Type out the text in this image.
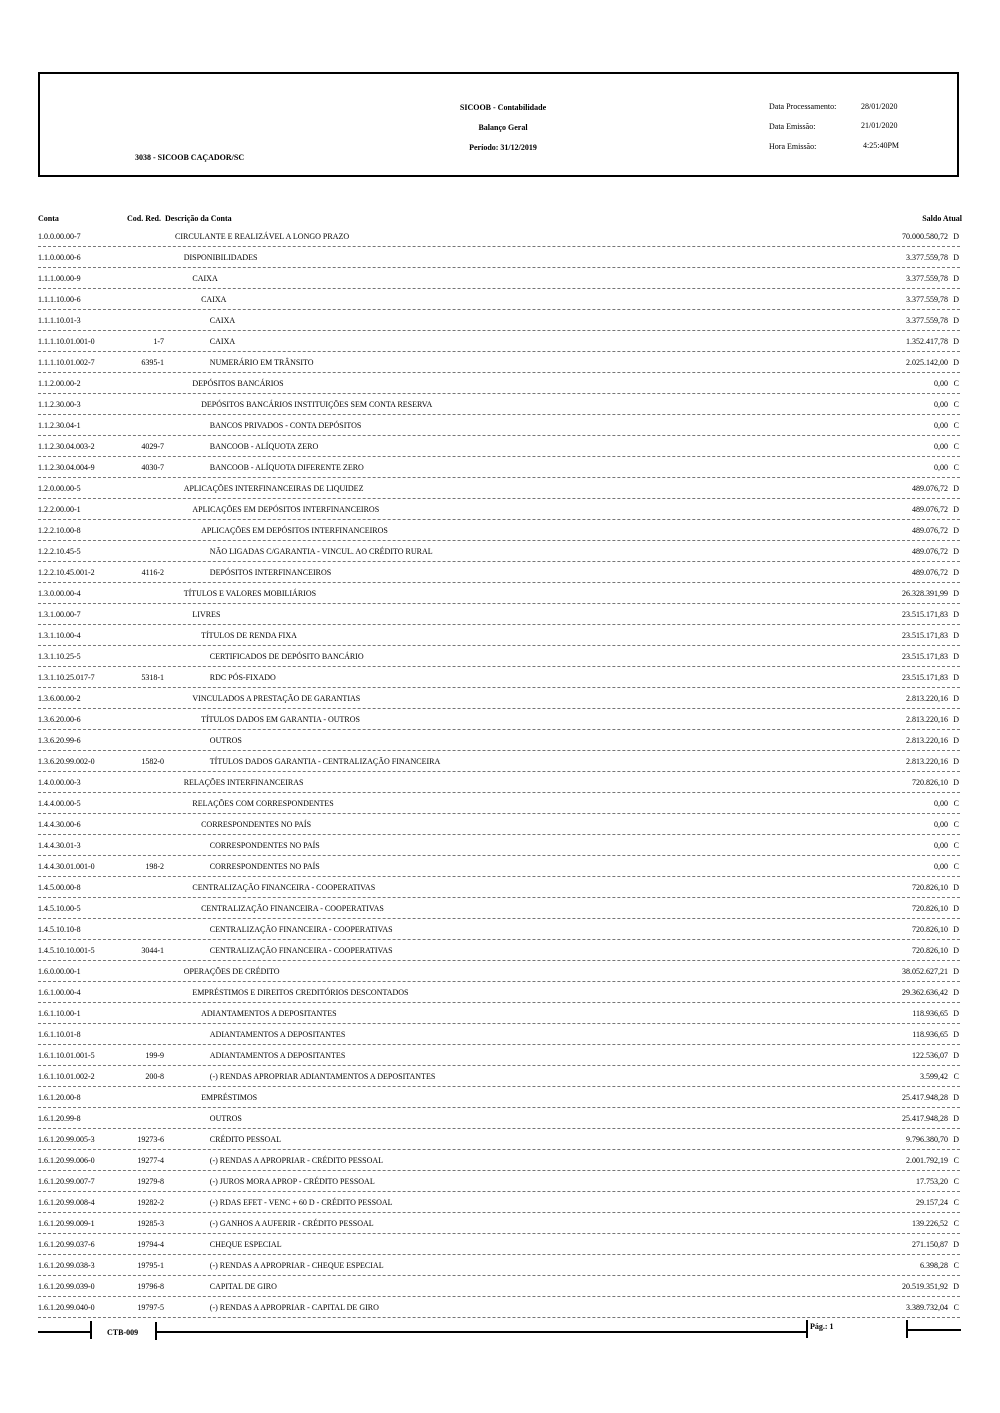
SICOOB - Contabilidade
Balanço Geral
Período: 31/12/2019
3038 - SICOOB CAÇADOR/SC
Data Processamento:	28/01/2020
Data Emissão:	21/01/2020
Hora Emissão:	4:25:40PM
Conta	Cod. Red. Descrição da Conta	Saldo Atual
1.0.0.00.00-7	CIRCULANTE E REALIZÁVEL A LONGO PRAZO	70.000.580,72 D
1.1.0.00.00-6	DISPONIBILIDADES	3.377.559,78 D
1.1.1.00.00-9	CAIXA	3.377.559,78 D
1.1.1.10.00-6	CAIXA	3.377.559,78 D
1.1.1.10.01-3	CAIXA	3.377.559,78 D
1.1.1.10.01.001-0	1-7	CAIXA	1.352.417,78 D
1.1.1.10.01.002-7	6395-1	NUMERÁRIO EM TRÂNSITO	2.025.142,00 D
1.1.2.00.00-2	DEPÓSITOS BANCÁRIOS	0,00 C
1.1.2.30.00-3	DEPÓSITOS BANCÁRIOS INSTITUIÇÕES SEM CONTA RESERVA	0,00 C
1.1.2.30.04-1	BANCOS PRIVADOS - CONTA DEPÓSITOS	0,00 C
1.1.2.30.04.003-2	4029-7	BANCOOB - ALÍQUOTA ZERO	0,00 C
1.1.2.30.04.004-9	4030-7	BANCOOB - ALÍQUOTA DIFERENTE ZERO	0,00 C
1.2.0.00.00-5	APLICAÇÕES INTERFINANCEIRAS DE LIQUIDEZ	489.076,72 D
1.2.2.00.00-1	APLICAÇÕES EM DEPÓSITOS INTERFINANCEIROS	489.076,72 D
1.2.2.10.00-8	APLICAÇÕES EM DEPÓSITOS INTERFINANCEIROS	489.076,72 D
1.2.2.10.45-5	NÃO LIGADAS C/GARANTIA - VINCUL. AO CRÉDITO RURAL	489.076,72 D
1.2.2.10.45.001-2	4116-2	DEPÓSITOS INTERFINANCEIROS	489.076,72 D
1.3.0.00.00-4	TÍTULOS E VALORES MOBILIÁRIOS	26.328.391,99 D
1.3.1.00.00-7	LIVRES	23.515.171,83 D
1.3.1.10.00-4	TÍTULOS DE RENDA FIXA	23.515.171,83 D
1.3.1.10.25-5	CERTIFICADOS DE DEPÓSITO BANCÁRIO	23.515.171,83 D
1.3.1.10.25.017-7	5318-1	RDC PÓS-FIXADO	23.515.171,83 D
1.3.6.00.00-2	VINCULADOS A PRESTAÇÃO DE GARANTIAS	2.813.220,16 D
1.3.6.20.00-6	TÍTULOS DADOS EM GARANTIA - OUTROS	2.813.220,16 D
1.3.6.20.99-6	OUTROS	2.813.220,16 D
1.3.6.20.99.002-0	1582-0	TÍTULOS DADOS GARANTIA - CENTRALIZAÇÃO FINANCEIRA	2.813.220,16 D
1.4.0.00.00-3	RELAÇÕES INTERFINANCEIRAS	720.826,10 D
1.4.4.00.00-5	RELAÇÕES COM CORRESPONDENTES	0,00 C
1.4.4.30.00-6	CORRESPONDENTES NO PAÍS	0,00 C
1.4.4.30.01-3	CORRESPONDENTES NO PAÍS	0,00 C
1.4.4.30.01.001-0	198-2	CORRESPONDENTES NO PAÍS	0,00 C
1.4.5.00.00-8	CENTRALIZAÇÃO FINANCEIRA - COOPERATIVAS	720.826,10 D
1.4.5.10.00-5	CENTRALIZAÇÃO FINANCEIRA - COOPERATIVAS	720.826,10 D
1.4.5.10.10-8	CENTRALIZAÇÃO FINANCEIRA - COOPERATIVAS	720.826,10 D
1.4.5.10.10.001-5	3044-1	CENTRALIZAÇÃO FINANCEIRA - COOPERATIVAS	720.826,10 D
1.6.0.00.00-1	OPERAÇÕES DE CRÉDITO	38.052.627,21 D
1.6.1.00.00-4	EMPRÉSTIMOS E DIREITOS CREDITÓRIOS DESCONTADOS	29.362.636,42 D
1.6.1.10.00-1	ADIANTAMENTOS A DEPOSITANTES	118.936,65 D
1.6.1.10.01-8	ADIANTAMENTOS A DEPOSITANTES	118.936,65 D
1.6.1.10.01.001-5	199-9	ADIANTAMENTOS A DEPOSITANTES	122.536,07 D
1.6.1.10.01.002-2	200-8	(-) RENDAS APROPRIAR ADIANTAMENTOS A DEPOSITANTES	3.599,42 C
1.6.1.20.00-8	EMPRÉSTIMOS	25.417.948,28 D
1.6.1.20.99-8	OUTROS	25.417.948,28 D
1.6.1.20.99.005-3	19273-6	CRÉDITO PESSOAL	9.796.380,70 D
1.6.1.20.99.006-0	19277-4	(-) RENDAS A APROPRIAR - CRÉDITO PESSOAL	2.001.792,19 C
1.6.1.20.99.007-7	19279-8	(-) JUROS MORA APROP - CRÉDITO PESSOAL	17.753,20 C
1.6.1.20.99.008-4	19282-2	(-) RDAS EFET - VENC + 60 D - CRÉDITO PESSOAL	29.157,24 C
1.6.1.20.99.009-1	19285-3	(-) GANHOS A AUFERIR - CRÉDITO PESSOAL	139.226,52 C
1.6.1.20.99.037-6	19794-4	CHEQUE ESPECIAL	271.150,87 D
1.6.1.20.99.038-3	19795-1	(-) RENDAS A APROPRIAR - CHEQUE ESPECIAL	6.398,28 C
1.6.1.20.99.039-0	19796-8	CAPITAL DE GIRO	20.519.351,92 D
1.6.1.20.99.040-0	19797-5	(-) RENDAS A APROPRIAR - CAPITAL DE GIRO	3.389.732,04 C
CTB-009
Pág.: 1
